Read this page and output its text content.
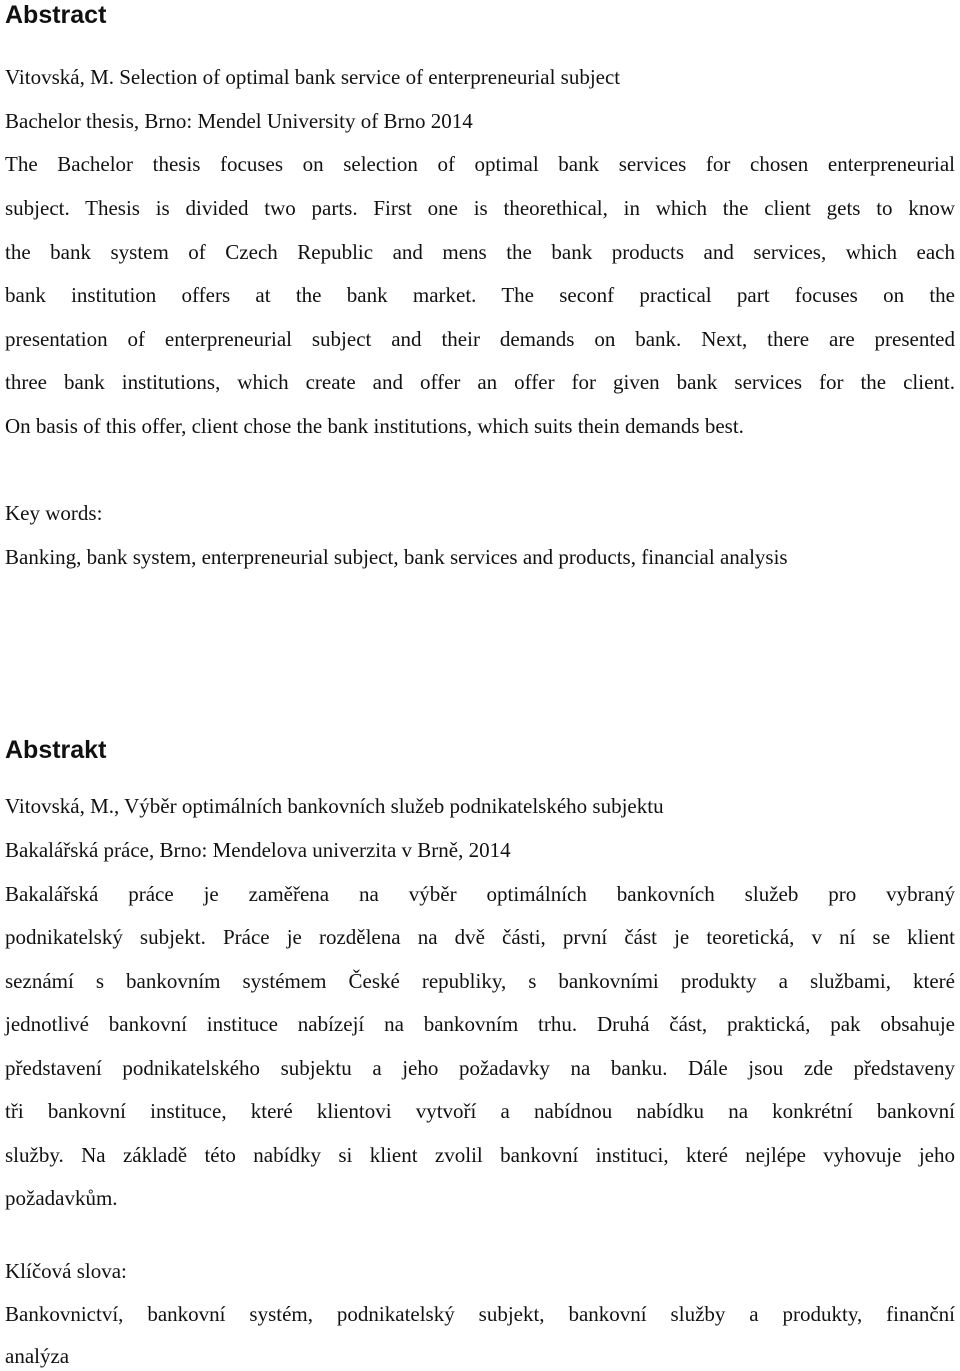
Abstract
Vitovská, M. Selection of optimal bank service of enterpreneurial subject
Bachelor thesis, Brno: Mendel University of Brno 2014
The Bachelor thesis focuses on selection of optimal bank services for chosen enterpreneurial
subject. Thesis is divided two parts. First one is theorethical, in which the client gets to know
the bank system of Czech Republic and mens the bank products and services, which each
bank institution offers at the bank market. The seconf practical part focuses on the
presentation of enterpreneurial subject and their demands on bank. Next, there are presented
three bank institutions, which create and offer an offer for given bank services for the client.
On basis of this offer, client chose the bank institutions, which suits thein demands best.
Key words:
Banking, bank system, enterpreneurial subject, bank services and products, financial analysis
Abstrakt
Vitovská, M., Výběr optimálních bankovních služeb podnikatelského subjektu
Bakalářská práce, Brno: Mendelova univerzita v Brně, 2014
Bakalářská práce je zaměřena na výběr optimálních bankovních služeb pro vybraný
podnikatelský subjekt. Práce je rozdělena na dvě části, první část je teoretická, v ní se klient
seznámí s bankovním systémem České republiky, s bankovními produkty a službami, které
jednotlivé bankovní instituce nabízejí na bankovním trhu. Druhá část, praktická, pak obsahuje
představení podnikatelského subjektu a jeho požadavky na banku. Dále jsou zde představeny
tři bankovní instituce, které klientovi vytvoří a nabídnou nabídku na konkrétní bankovní
služby. Na základě této nabídky si klient zvolil bankovní instituci, které nejlépe vyhovuje jeho
požadavkům.
Klíčová slova:
Bankovnictví, bankovní systém, podnikatelský subjekt, bankovní služby a produkty, finanční
analýza
